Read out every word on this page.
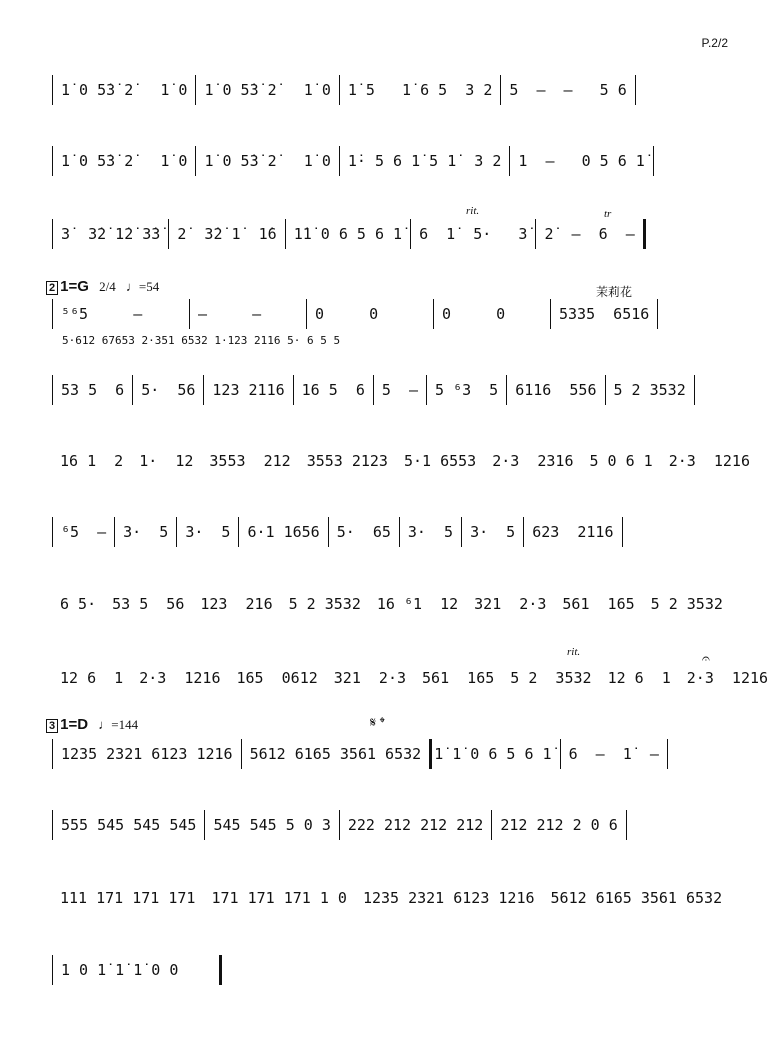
P.2/2
1̇ 0 5̇3̇ 2̇   1̇ 0 1̇ 0 5̇3̇ 2̇   1̇ 0 1̇ 5   1̇ 6 5  3 2 5  –  –   5 6
1̇ 0 5̇3̇ 2̇   1̇ 0 1̇ 0 5̇3̇ 2̇   1̇ 0 1̇· 5 6 1̇ 5 1̇  3 2 1  –   0 5 6 1̇
rit.	tr
3̇  3̇2̇ 1̇2̇ 3̇3̇ 2̇  3̇2̇ 1̇  1̇6 1̇1̇ 0 6 5 6 1̇ 6  1̇  5·   3̇ 2̇  –  6  –
2 1=G 2/4 ♩=54	茉莉花
⁵⁶5     –	–     –	0     0	0     0	5335  6516
5·612 67653 2·351 6532 1·123 2116 5· 6 5 5
53 5  6 5·  56 123 2116 16 5  6 5  – 5 ⁶3  5 6116  556 5 2 3532
16 1  2 1·  12 3553  212 3553 2123 5·1 6553 2·3  2316 5 0 6 1 2·3  1216
⁶5  – 3·  5 3·  5 6·1 1656 5·  65 3·  5 3·  5 623  2116
6 5· 53 5  56 123  216 5 2 3532 16 ⁶1  12 321  2·3 561  165 5 2 3532
rit.	𝄐
12 6  1 2·3  1216 165  0612 321  2·3 561  165 5 2  3532 12 6  1 2·3  1216
3 1=D ♩=144	𝄋 𝄌
1235 2321 6123 1216 5612 6165 3561 6532 1̇ 1̇ 0 6 5 6 1̇ 6  –  1̇  –
555 545 545 545 545 545 5 0 3 222 212 212 212 212 212 2 0 6
111 171 171 171 171 171 171 1 0 1235 2321 6123 1216 5612 6165 3561 6532
1 0 1̇ 1̇ 1̇ 0 0
